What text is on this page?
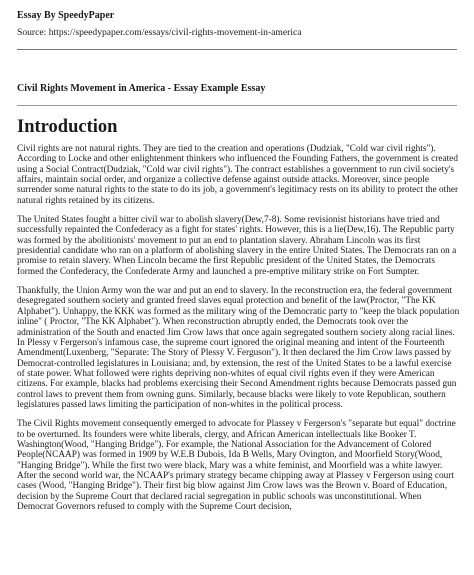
Essay By SpeedyPaper
Source: https://speedypaper.com/essays/civil-rights-movement-in-america
Civil Rights Movement in America - Essay Example Essay
Introduction

Civil rights are not natural rights. They are tied to the creation and operations (Dudziak, "Cold war civil rights"). According to Locke and other enlightenment thinkers who influenced the Founding Fathers, the government is created using a Social Contract(Dudziak, "Cold war civil rights"). The contract establishes a government to run civil society's affairs, maintain social order, and organize a collective defense against outside attacks. Moreover, since people surrender some natural rights to the state to do its job, a government's legitimacy rests on its ability to protect the other natural rights retained by its citizens.

The United States fought a bitter civil war to abolish slavery(Dew,7-8). Some revisionist historians have tried and successfully repainted the Confederacy as a fight for states' rights. However, this is a lie(Dew,16). The Republic party was formed by the abolitionists' movement to put an end to plantation slavery. Abraham Lincoln was its first presidential candidate who ran on a platform of abolishing slavery in the entire United States. The Democrats ran on a promise to retain slavery. When Lincoln became the first Republic president of the United States, the Democrats formed the Confederacy, the Confederate Army and launched a pre-emptive military strike on Fort Sumpter.

Thankfully, the Union Army won the war and put an end to slavery. In the reconstruction era, the federal government desegregated southern society and granted freed slaves equal protection and benefit of the law(Proctor, "The KK Alphabet"). Unhappy, the KKK was formed as the military wing of the Democratic party to "keep the black population inline" ( Proctor, "The KK Alphabet"). When reconstruction abruptly ended, the Democrats took over the administration of the South and enacted Jim Crow laws that once again segregated southern society along racial lines. In Plessy v Fergerson's infamous case, the supreme court ignored the original meaning and intent of the Fourteenth Amendment(Luxenberg, "Separate: The Story of Plessy V. Ferguson"). It then declared the Jim Crow laws passed by Democrat-controlled legislatures in Louisiana; and, by extension, the rest of the United States to be a lawful exercise of state power. What followed were rights depriving non-whites of equal civil rights even if they were American citizens. For example, blacks had problems exercising their Second Amendment rights because Democrats passed gun control laws to prevent them from owning guns. Similarly, because blacks were likely to vote Republican, southern legislatures passed laws limiting the participation of non-whites in the political process.

The Civil Rights movement consequently emerged to advocate for Plassey v Fergerson's "separate but equal" doctrine to be overturned. Its founders were white liberals, clergy, and African American intellectuals like Booker T. Washington(Wood, "Hanging Bridge"). For example, the National Association for the Advancement of Colored People(NCAAP) was formed in 1909 by W.E.B Dubois, Ida B Wells, Mary Ovington, and Moorfield Story(Wood, "Hanging Bridge"). While the first two were black, Mary was a white feminist, and Moorfield was a white lawyer. After the second world war, the NCAAP's primary strategy became chipping away at Plassey v Fergerson using court cases (Wood, "Hanging Bridge"). Their first big blow against Jim Crow laws was the Brown v. Board of Education, decision by the Supreme Court that declared racial segregation in public schools was unconstitutional. When Democrat Governors refused to comply with the Supreme Court decision,
